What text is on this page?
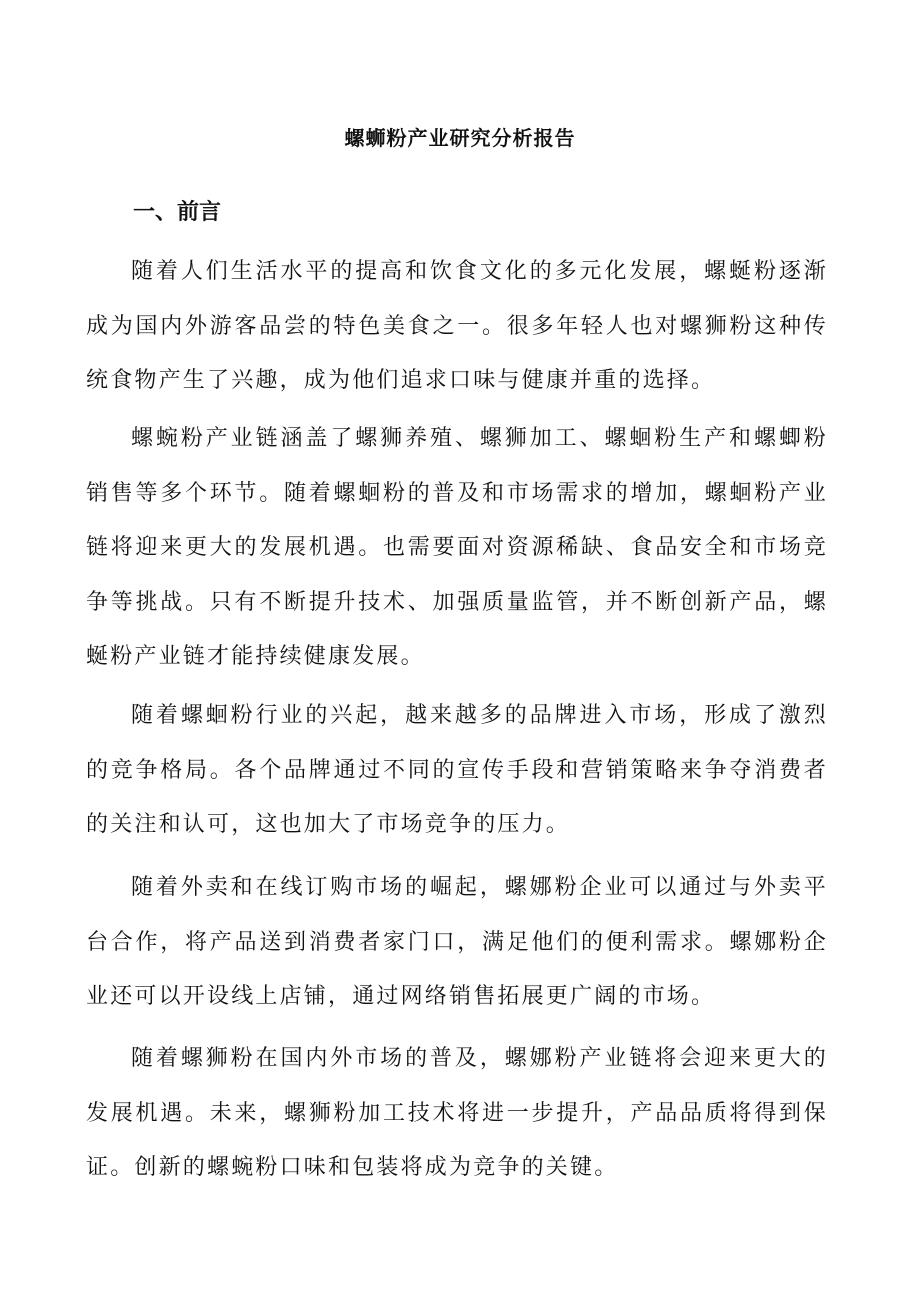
螺蛳粉产业研究分析报告
一、前言

随着人们生活水平的提高和饮食文化的多元化发展，螺蜒粉逐渐成为国内外游客品尝的特色美食之一。很多年轻人也对螺狮粉这种传统食物产生了兴趣，成为他们追求口味与健康并重的选择。

螺蜿粉产业链涵盖了螺狮养殖、螺狮加工、螺蛔粉生产和螺蝍粉销售等多个环节。随着螺蛔粉的普及和市场需求的增加，螺蛔粉产业链将迎来更大的发展机遇。也需要面对资源稀缺、食品安全和市场竞争等挑战。只有不断提升技术、加强质量监管，并不断创新产品，螺蜒粉产业链才能持续健康发展。

随着螺蛔粉行业的兴起，越来越多的品牌进入市场，形成了激烈的竞争格局。各个品牌通过不同的宣传手段和营销策略来争夺消费者的关注和认可，这也加大了市场竞争的压力。

随着外卖和在线订购市场的崛起，螺娜粉企业可以通过与外卖平台合作，将产品送到消费者家门口，满足他们的便利需求。螺娜粉企业还可以开设线上店铺，通过网络销售拓展更广阔的市场。

随着螺狮粉在国内外市场的普及，螺娜粉产业链将会迎来更大的发展机遇。未来，螺狮粉加工技术将进一步提升，产品品质将得到保证。创新的螺蜿粉口味和包装将成为竞争的关键。
